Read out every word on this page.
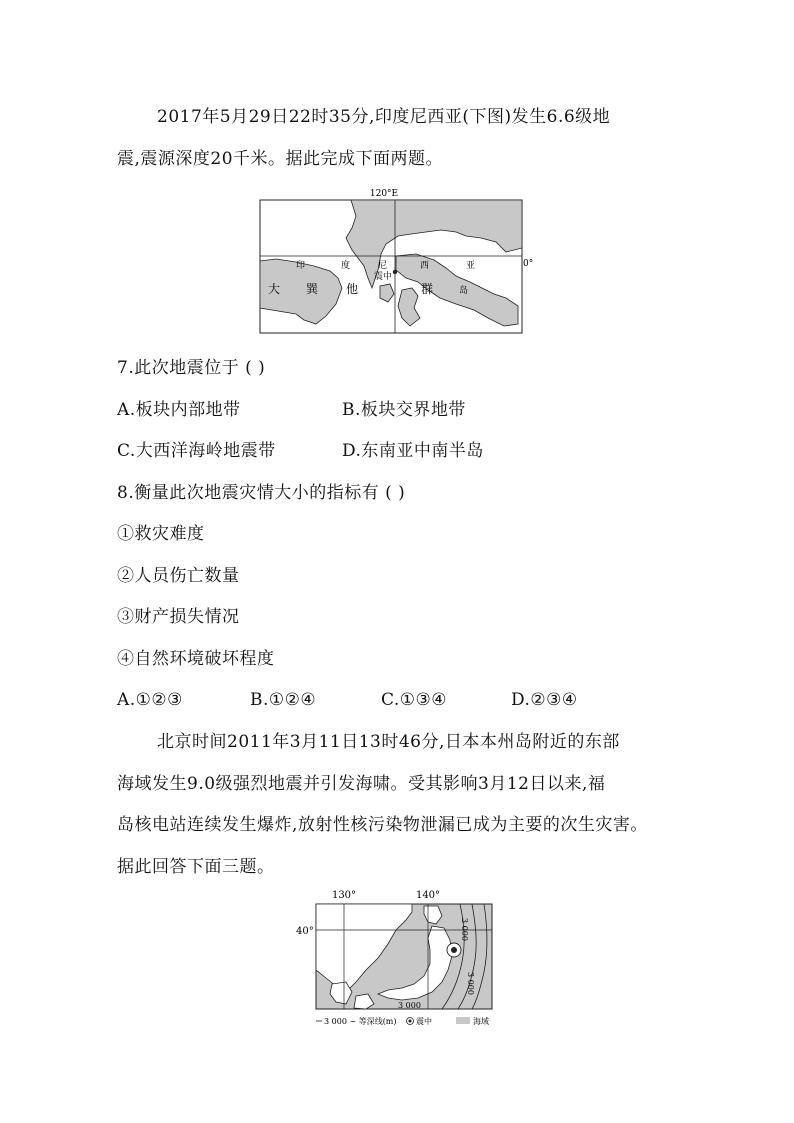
2017年5月29日22时35分,印度尼西亚(下图)发生6.6级地
震,震源深度20千米。据此完成下面两题。
120°E
0°
印	度	尼	西	亚
震中
大 巽 他	群	岛
7.此次地震位于 ( )
A.板块内部地带	B.板块交界地带
C.大西洋海岭地震带	D.东南亚中南半岛
8.衡量此次地震灾情大小的指标有 ( )
①救灾难度
②人员伤亡数量
③财产损失情况
④自然环境破坏程度
A.①②③	B.①②④	C.①③④	D.②③④
北京时间2011年3月11日13时46分,日本本州岛附近的东部
海域发生9.0级强烈地震并引发海啸。受其影响3月12日以来,福
岛核电站连续发生爆炸,放射性核污染物泄漏已成为主要的次生灾害。
据此回答下面三题。
130°	140°
40°	3 000
3 000
3 000
3 000 ~ 等深线(m) 震中	海域
